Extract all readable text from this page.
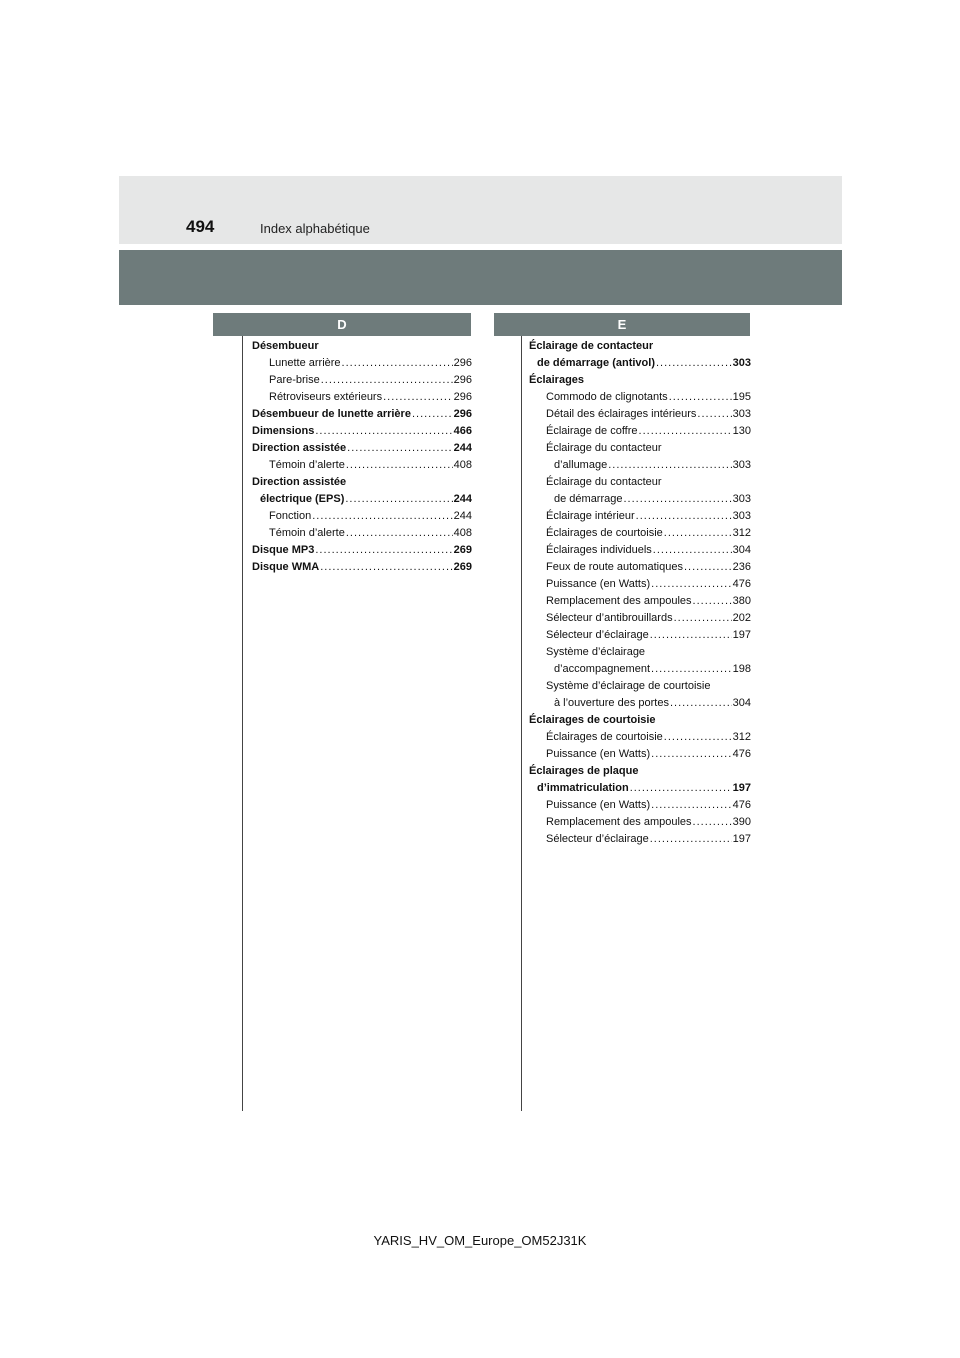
494	Index alphabétique
D	E
Désembueur
Lunette arrière .....	296
Pare-brise .....	296
Rétroviseurs extérieurs .....	296
Désembueur de lunette arrière .....	296
Dimensions .....	466
Direction assistée .....	244
Témoin d’alerte .....	408
Direction assistée
électrique (EPS) .....	244
Fonction .....	244
Témoin d’alerte .....	408
Disque MP3 .....	269
Disque WMA .....	269
Éclairage de contacteur
de démarrage (antivol) .....	303
Éclairages
Commodo de clignotants .....	195
Détail des éclairages intérieurs .....	303
Éclairage de coffre .....	130
Éclairage du contacteur
d’allumage .....	303
Éclairage du contacteur
de démarrage .....	303
Éclairage intérieur .....	303
Éclairages de courtoisie .....	312
Éclairages individuels .....	304
Feux de route automatiques .....	236
Puissance (en Watts) .....	476
Remplacement des ampoules .....	380
Sélecteur d’antibrouillards .....	202
Sélecteur d’éclairage .....	197
Système d’éclairage
d’accompagnement .....	198
Système d’éclairage de courtoisie
à l’ouverture des portes .....	304
Éclairages de courtoisie
Éclairages de courtoisie .....	312
Puissance (en Watts) .....	476
Éclairages de plaque
d’immatriculation .....	197
Puissance (en Watts) .....	476
Remplacement des ampoules .....	390
Sélecteur d’éclairage .....	197
YARIS_HV_OM_Europe_OM52J31K
